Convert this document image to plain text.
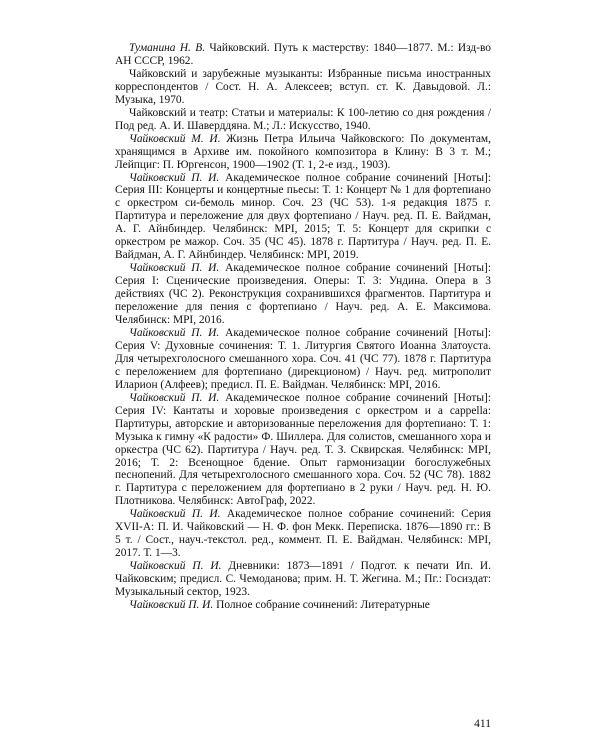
Туманина Н. В. Чайковский. Путь к мастерству: 1840—1877. М.: Изд-во АН СССР, 1962.

Чайковский и зарубежные музыканты: Избранные письма иностранных корреспондентов / Сост. Н. А. Алексеев; вступ. ст. К. Давыдовой. Л.: Музыка, 1970.

Чайковский и театр: Статьи и материалы: К 100-летию со дня рождения / Под ред. А. И. Шаверддяна. М.; Л.: Искусство, 1940.

Чайковский М. И. Жизнь Петра Ильича Чайковского: По документам, хранящимся в Архиве им. покойного композитора в Клину: В 3 т. М.; Лейпциг: П. Юргенсон, 1900—1902 (Т. 1, 2-е изд., 1903).

Чайковский П. И. Академическое полное собрание сочинений [Ноты]: Серия III: Концерты и концертные пьесы: Т. 1: Концерт № 1 для фортепиано с оркестром си-бемоль минор. Соч. 23 (ЧС 53). 1-я редакция 1875 г. Партитура и переложение для двух фортепиано / Науч. ред. П. Е. Вайдман, А. Г. Айнбиндер. Челябинск: MPI, 2015; Т. 5: Концерт для скрипки с оркестром ре мажор. Соч. 35 (ЧС 45). 1878 г. Партитура / Науч. ред. П. Е. Вайдман, А. Г. Айнбиндер. Челябинск: MPI, 2019.

Чайковский П. И. Академическое полное собрание сочинений [Ноты]: Серия I: Сценические произведения. Оперы: Т. 3: Ундина. Опера в 3 действиях (ЧС 2). Реконструкция сохранившихся фрагментов. Партитура и переложение для пения с фортепиано / Науч. ред. А. Е. Максимова. Челябинск: MPI, 2016.

Чайковский П. И. Академическое полное собрание сочинений [Ноты]: Серия V: Духовные сочинения: Т. 1. Литургия Святого Иоанна Златоуста. Для четырехголосного смешанного хора. Соч. 41 (ЧС 77). 1878 г. Партитура с переложением для фортепиано (дирекционом) / Науч. ред. митрополит Иларион (Алфеев); предисл. П. Е. Вайдман. Челябинск: MPI, 2016.

Чайковский П. И. Академическое полное собрание сочинений [Ноты]: Серия IV: Кантаты и хоровые произведения с оркестром и a cappella: Партитуры, авторские и авторизованные переложения для фортепиано: Т. 1: Музыка к гимну «К радости» Ф. Шиллера. Для солистов, смешанного хора и оркестра (ЧС 62). Партитура / Науч. ред. Т. З. Сквирская. Челябинск: MPI, 2016; Т. 2: Всенощное бдение. Опыт гармонизации богослужебных песнопений. Для четырехголосного смешанного хора. Соч. 52 (ЧС 78). 1882 г. Партитура с переложением для фортепиано в 2 руки / Науч. ред. Н. Ю. Плотникова. Челябинск: АвтоГраф, 2022.

Чайковский П. И. Академическое полное собрание сочинений: Серия XVII-A: П. И. Чайковский — Н. Ф. фон Мекк. Переписка. 1876—1890 гг.: В 5 т. / Сост., науч.-текстол. ред., коммент. П. Е. Вайдман. Челябинск: MPI, 2017. Т. 1—3.

Чайковский П. И. Дневники: 1873—1891 / Подгот. к печати Ип. И. Чайковским; предисл. С. Чемоданова; прим. Н. Т. Жегина. М.; Пг.: Госиздат: Музыкальный сектор, 1923.

Чайковский П. И. Полное собрание сочинений: Литературные

411
